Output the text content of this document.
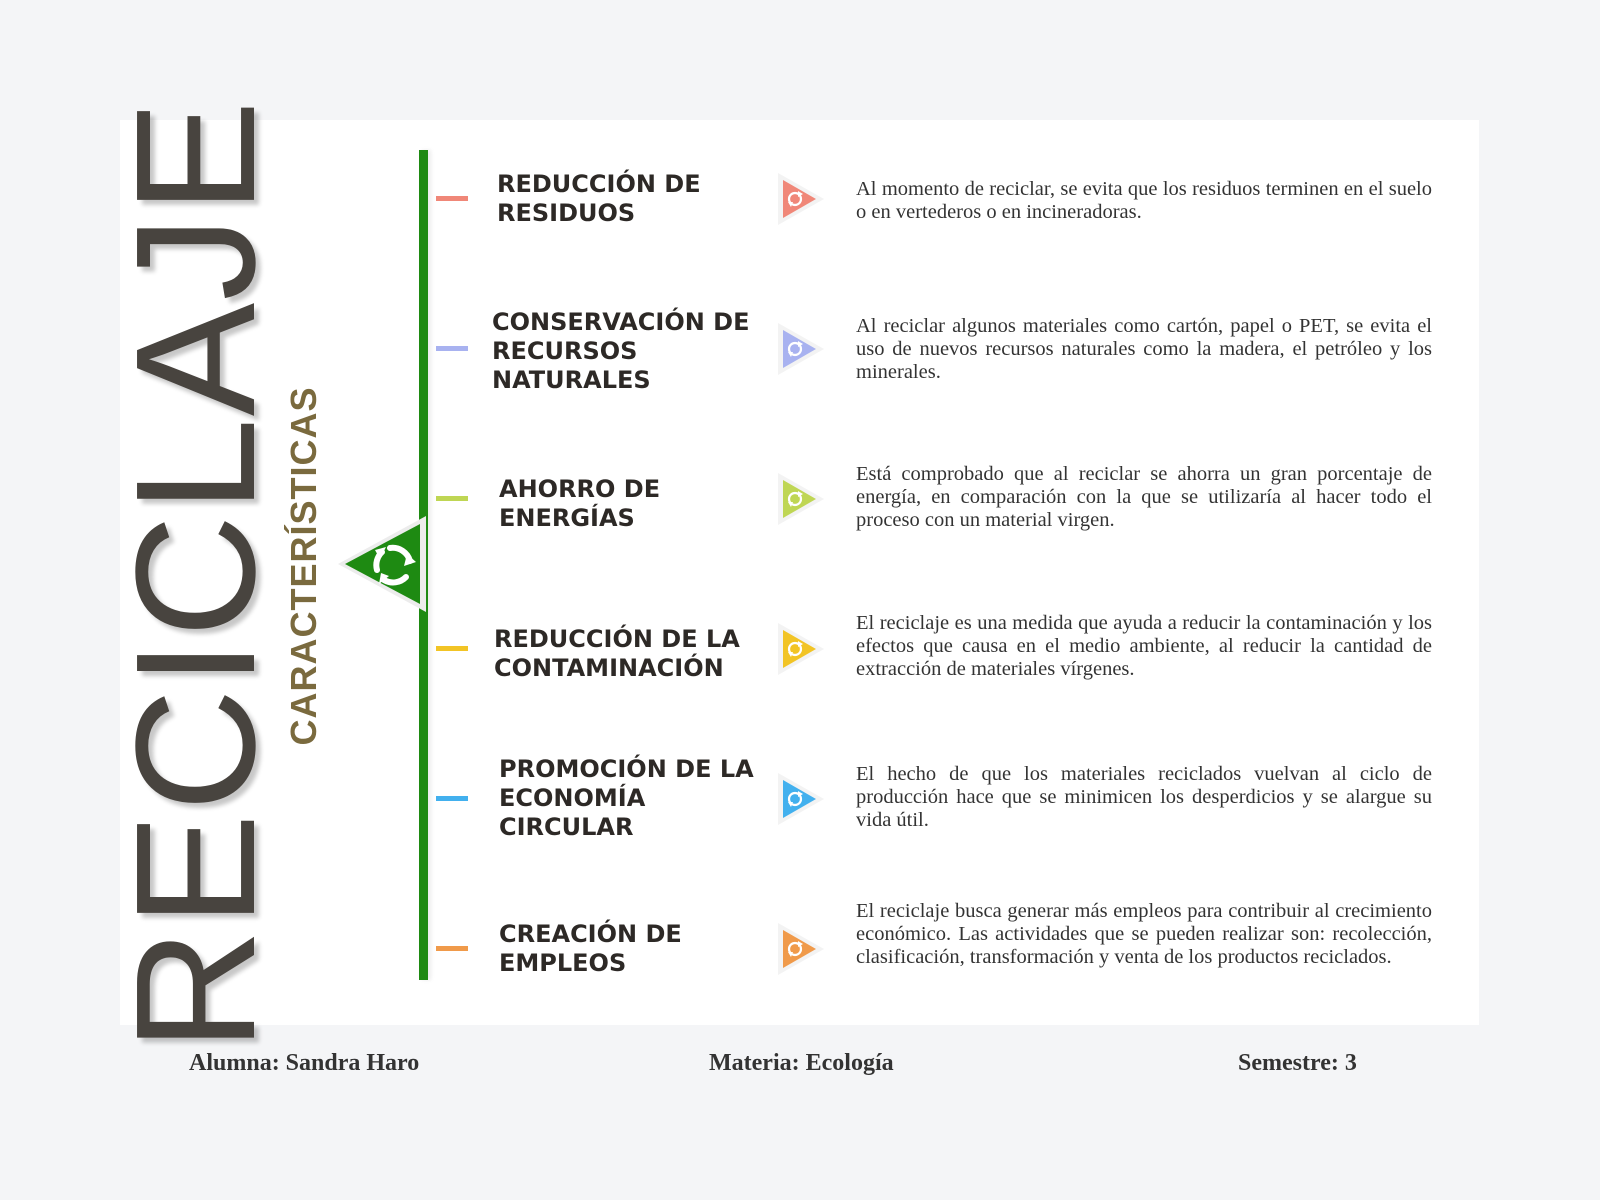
RECICLAJE
CARACTERÍSTICAS
REDUCCIÓN DE
RESIDUOS

Al momento de reciclar, se evita que los residuos terminen en el suelo o en vertederos o en incineradoras.

CONSERVACIÓN DE
RECURSOS
NATURALES

Al reciclar algunos materiales como cartón, papel o PET, se evita el uso de nuevos recursos naturales como la madera, el petróleo y los minerales.

AHORRO DE
ENERGÍAS

Está comprobado que al reciclar se ahorra un gran porcentaje de energía, en comparación con la que se utilizaría al hacer todo el proceso con un material virgen.

REDUCCIÓN DE LA
CONTAMINACIÓN

El reciclaje es una medida que ayuda a reducir la contaminación y los efectos que causa en el medio ambiente, al reducir la cantidad de extracción de materiales vírgenes.

PROMOCIÓN DE LA
ECONOMÍA
CIRCULAR

El hecho de que los materiales reciclados vuelvan al ciclo de producción hace que se minimicen los desperdicios y se alargue su vida útil.

CREACIÓN DE
EMPLEOS

El reciclaje busca generar más empleos para contribuir al crecimiento económico. Las actividades que se pueden realizar son: recolección, clasificación, transformación y venta de los productos reciclados.

Alumna: Sandra Haro	Materia: Ecología	Semestre: 3
